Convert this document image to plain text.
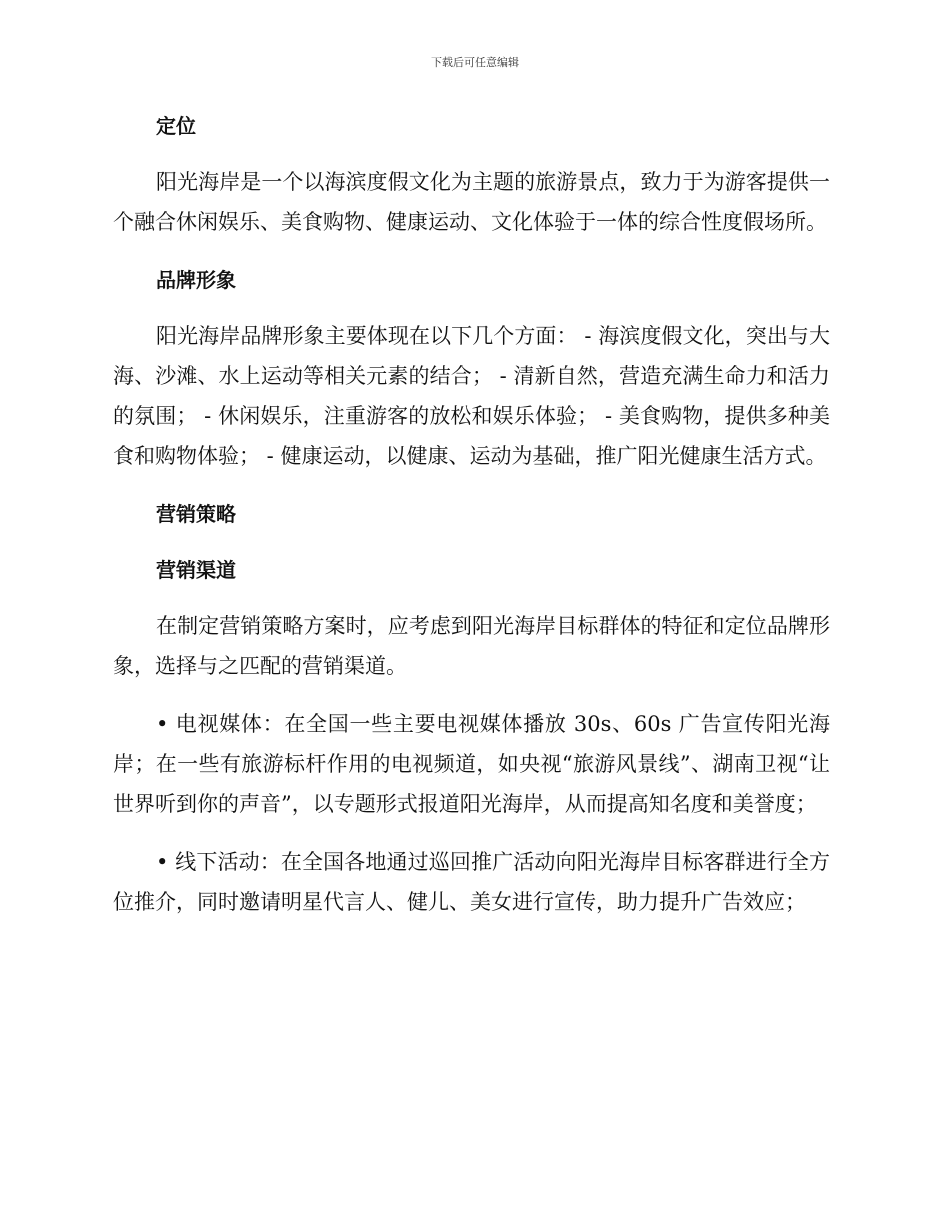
下载后可任意编辑
定位

阳光海岸是一个以海滨度假文化为主题的旅游景点，致力于为游客提供一个融合休闲娱乐、美食购物、健康运动、文化体验于一体的综合性度假场所。

品牌形象

阳光海岸品牌形象主要体现在以下几个方面： - 海滨度假文化，突出与大海、沙滩、水上运动等相关元素的结合； - 清新自然，营造充满生命力和活力的氛围； - 休闲娱乐，注重游客的放松和娱乐体验； - 美食购物，提供多种美食和购物体验； - 健康运动，以健康、运动为基础，推广阳光健康生活方式。

营销策略
营销渠道

在制定营销策略方案时，应考虑到阳光海岸目标群体的特征和定位品牌形象，选择与之匹配的营销渠道。

• 电视媒体：在全国一些主要电视媒体播放 30s、60s 广告宣传阳光海岸；在一些有旅游标杆作用的电视频道，如央视“旅游风景线”、湖南卫视“让世界听到你的声音”，以专题形式报道阳光海岸，从而提高知名度和美誉度；

• 线下活动：在全国各地通过巡回推广活动向阳光海岸目标客群进行全方位推介，同时邀请明星代言人、健儿、美女进行宣传，助力提升广告效应；
